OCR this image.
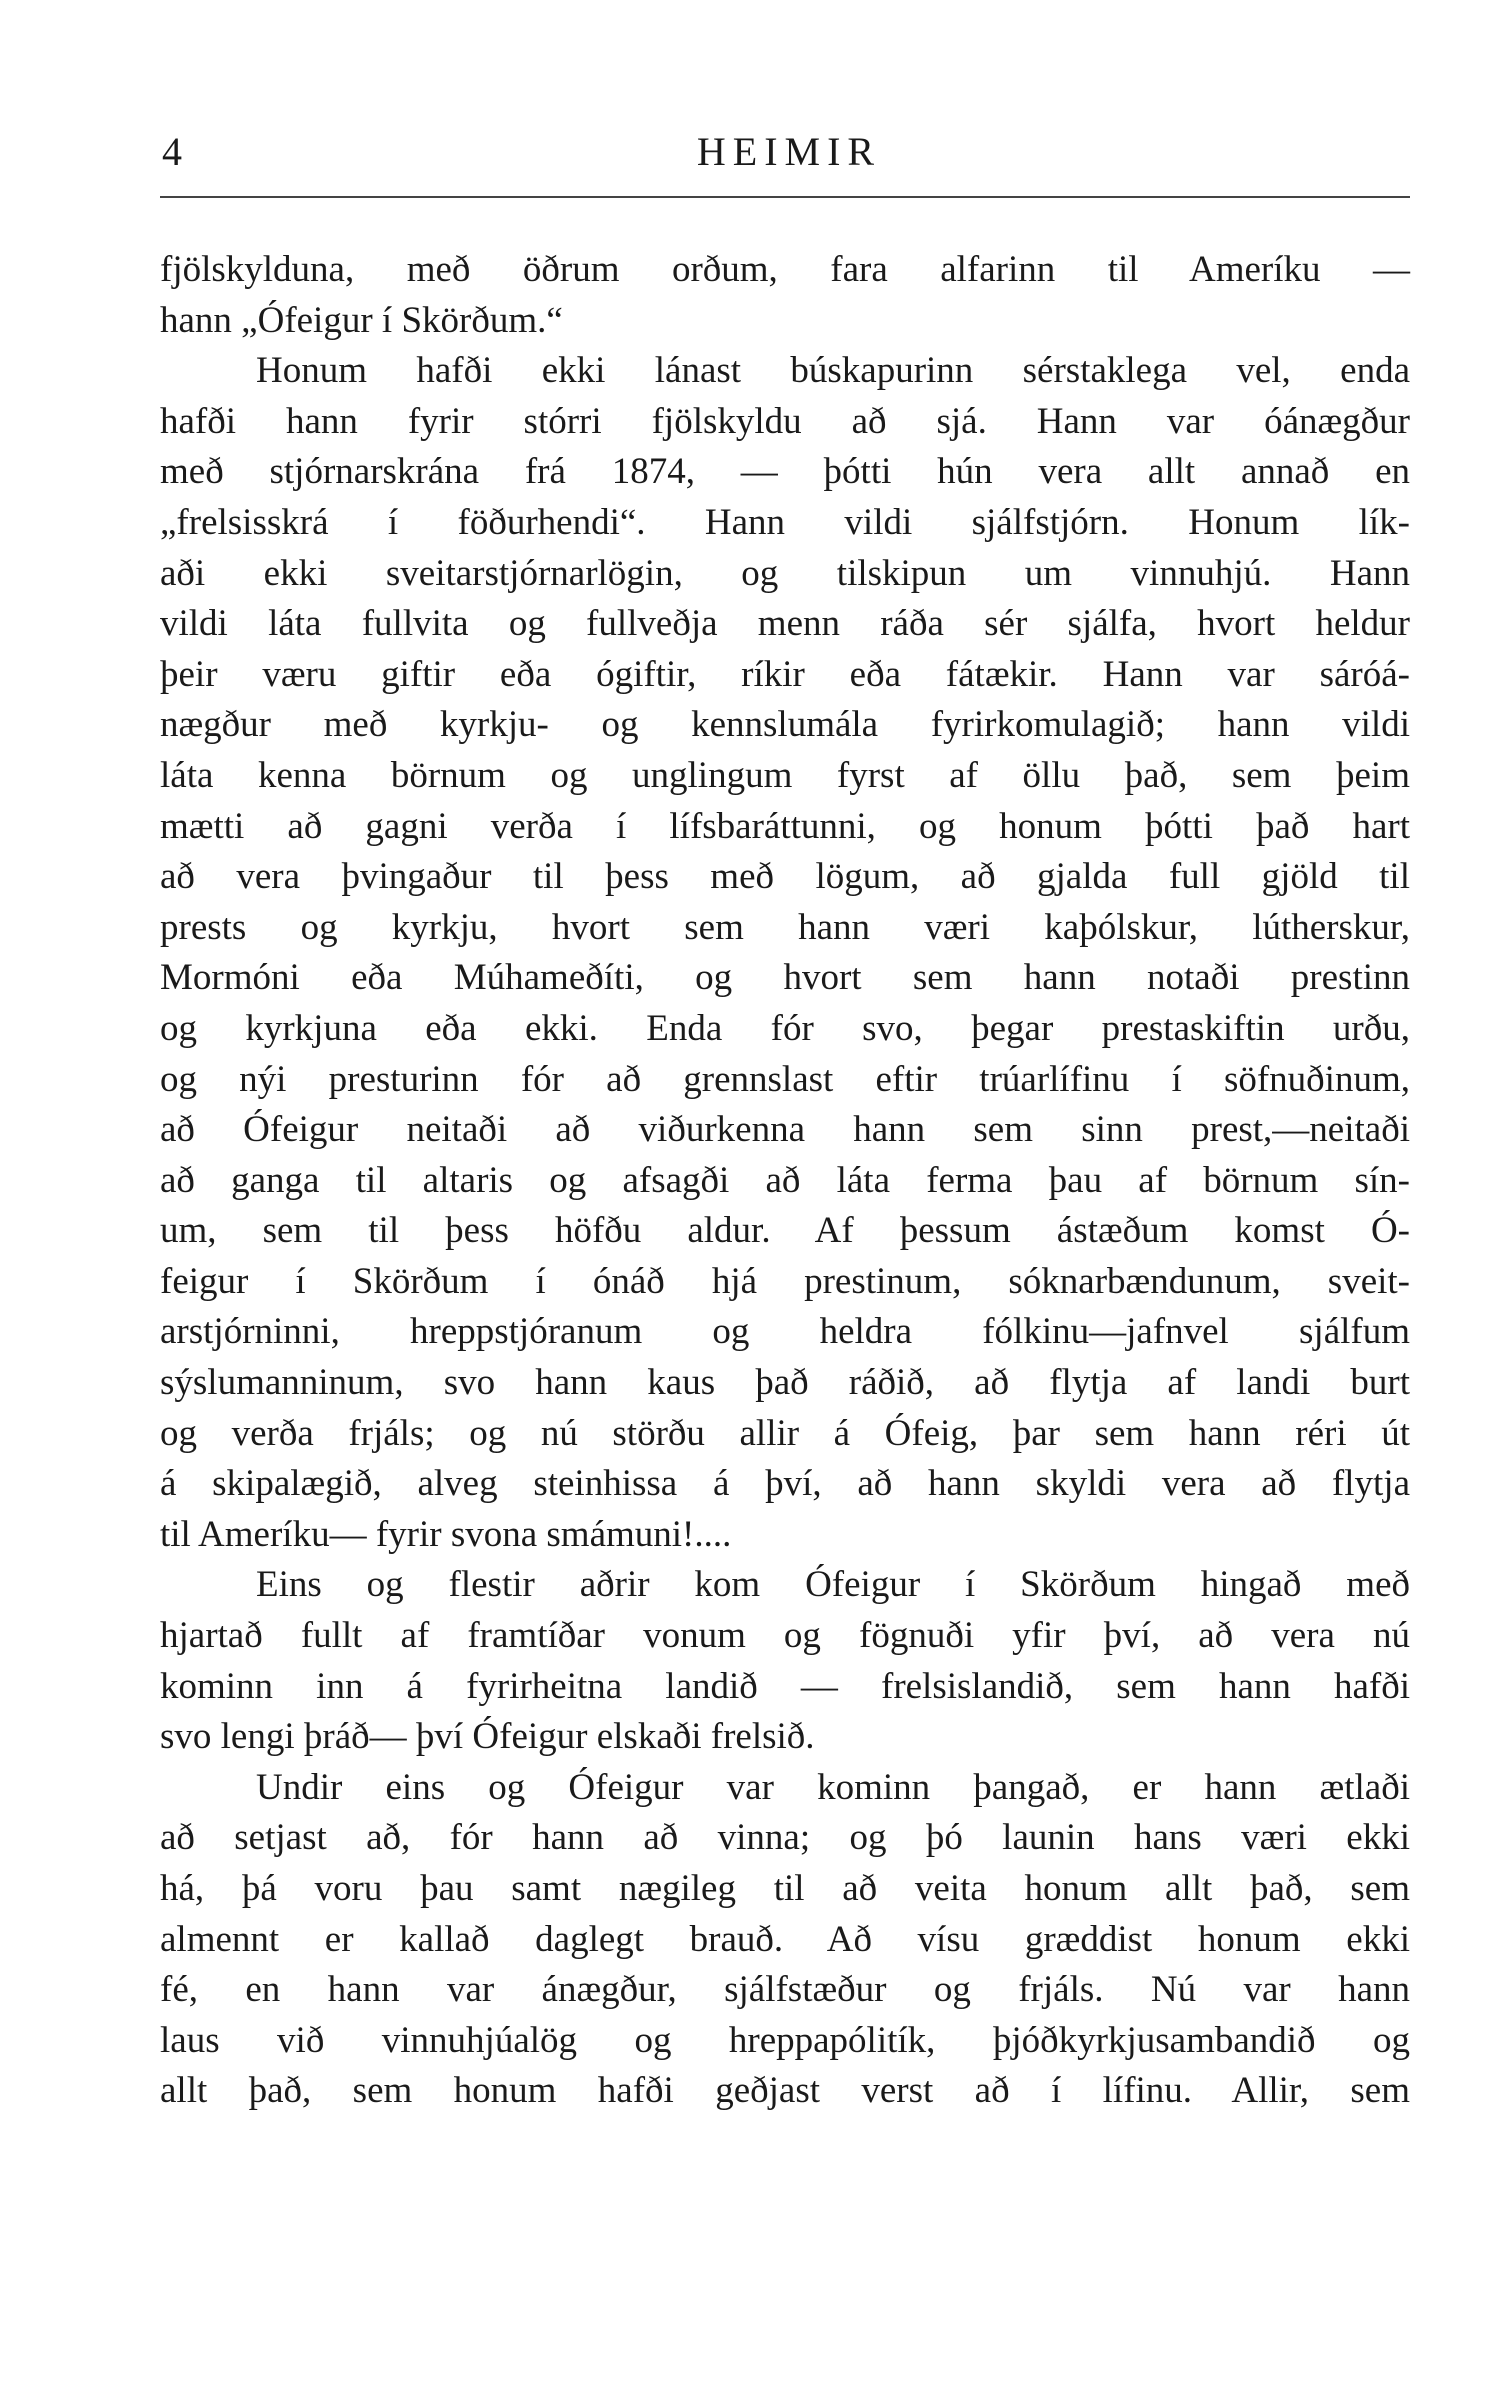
4	HEIMIR
fjölskylduna, með öðrum orðum, fara alfarinn til Ameríku —
hann „Ófeigur í Skörðum.“
Honum hafði ekki lánast búskapurinn sérstaklega vel, enda
hafði hann fyrir stórri fjölskyldu að sjá. Hann var óánægður
með stjórnarskrána frá 1874, — þótti hún vera allt annað en
„frelsisskrá í föðurhendi“. Hann vildi sjálfstjórn. Honum lík-
aði ekki sveitarstjórnarlögin, og tilskipun um vinnuhjú. Hann
vildi láta fullvita og fullveðja menn ráða sér sjálfa, hvort heldur
þeir væru giftir eða ógiftir, ríkir eða fátækir. Hann var sáróá-
nægður með kyrkju- og kennslumála fyrirkomulagið; hann vildi
láta kenna börnum og unglingum fyrst af öllu það, sem þeim
mætti að gagni verða í lífsbaráttunni, og honum þótti það hart
að vera þvingaður til þess með lögum, að gjalda full gjöld til
prests og kyrkju, hvort sem hann væri kaþólskur, lútherskur,
Mormóni eða Múhameðíti, og hvort sem hann notaði prestinn
og kyrkjuna eða ekki. Enda fór svo, þegar prestaskiftin urðu,
og nýi presturinn fór að grennslast eftir trúarlífinu í söfnuðinum,
að Ófeigur neitaði að viðurkenna hann sem sinn prest,—neitaði
að ganga til altaris og afsagði að láta ferma þau af börnum sín-
um, sem til þess höfðu aldur. Af þessum ástæðum komst Ó-
feigur í Skörðum í ónáð hjá prestinum, sóknarbændunum, sveit-
arstjórninni, hreppstjóranum og heldra fólkinu—jafnvel sjálfum
sýslumanninum, svo hann kaus það ráðið, að flytja af landi burt
og verða frjáls; og nú störðu allir á Ófeig, þar sem hann réri út
á skipalægið, alveg steinhissa á því, að hann skyldi vera að flytja
til Ameríku— fyrir svona smámuni!....
Eins og flestir aðrir kom Ófeigur í Skörðum hingað með
hjartað fullt af framtíðar vonum og fögnuði yfir því, að vera nú
kominn inn á fyrirheitna landið — frelsislandið, sem hann hafði
svo lengi þráð— því Ófeigur elskaði frelsið.
Undir eins og Ófeigur var kominn þangað, er hann ætlaði
að setjast að, fór hann að vinna; og þó launin hans væri ekki
há, þá voru þau samt nægileg til að veita honum allt það, sem
almennt er kallað daglegt brauð. Að vísu græddist honum ekki
fé, en hann var ánægður, sjálfstæður og frjáls. Nú var hann
laus við vinnuhjúalög og hreppapólitík, þjóðkyrkjusambandið og
allt það, sem honum hafði geðjast verst að í lífinu. Allir, sem
